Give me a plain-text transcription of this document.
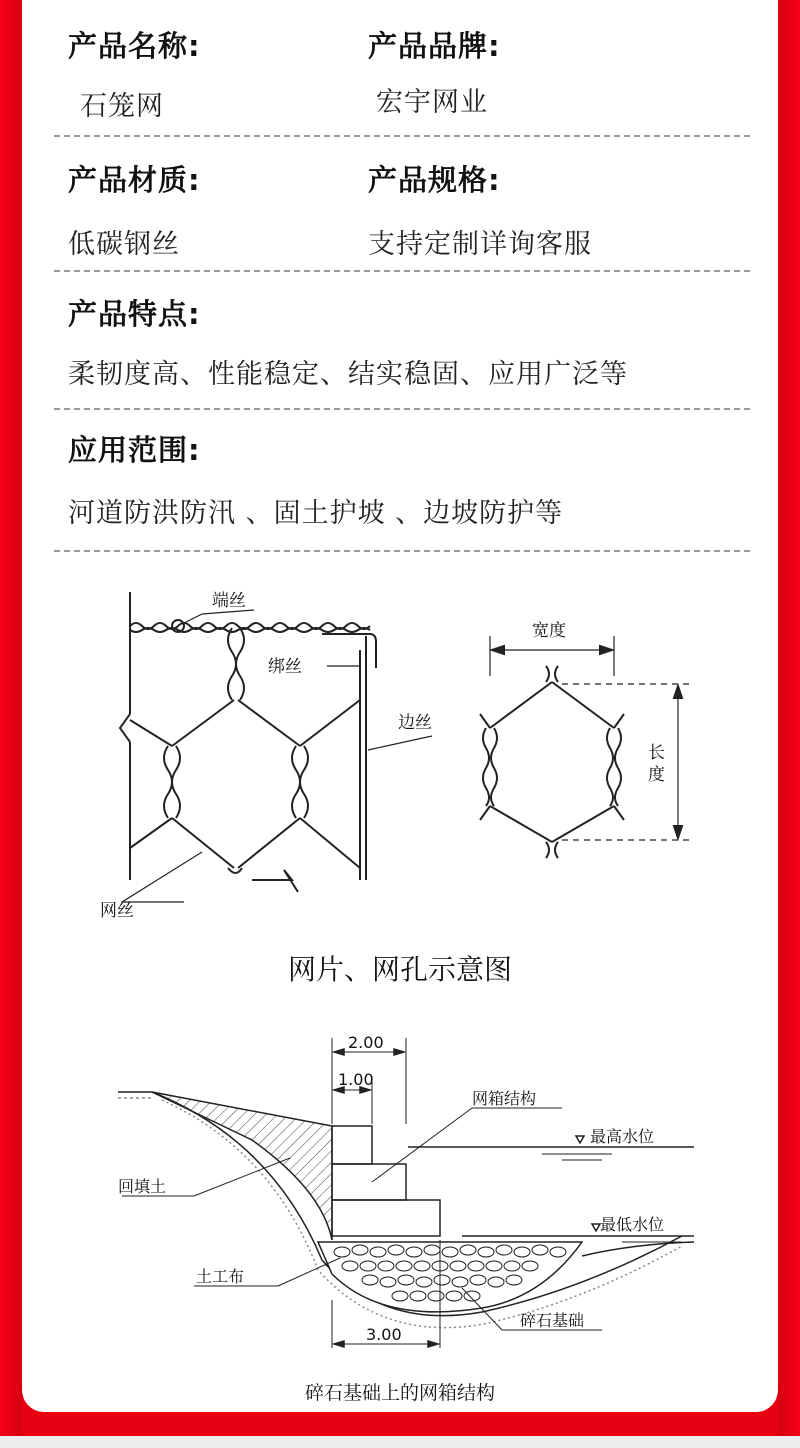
产品名称:
石笼网
产品品牌:
宏宇网业
产品材质:
低碳钢丝
产品规格:
支持定制详询客服
产品特点:
柔韧度高、性能稳定、结实稳固、应用广泛等
应用范围:
河道防洪防汛 、固土护坡 、边坡防护等
端丝
绑丝
边丝
网丝
宽度
长
度
网片、网孔示意图
2.00
1.00
3.00
网箱结构
最高水位
最低水位
回填土
土工布
碎石基础
碎石基础上的网箱结构
